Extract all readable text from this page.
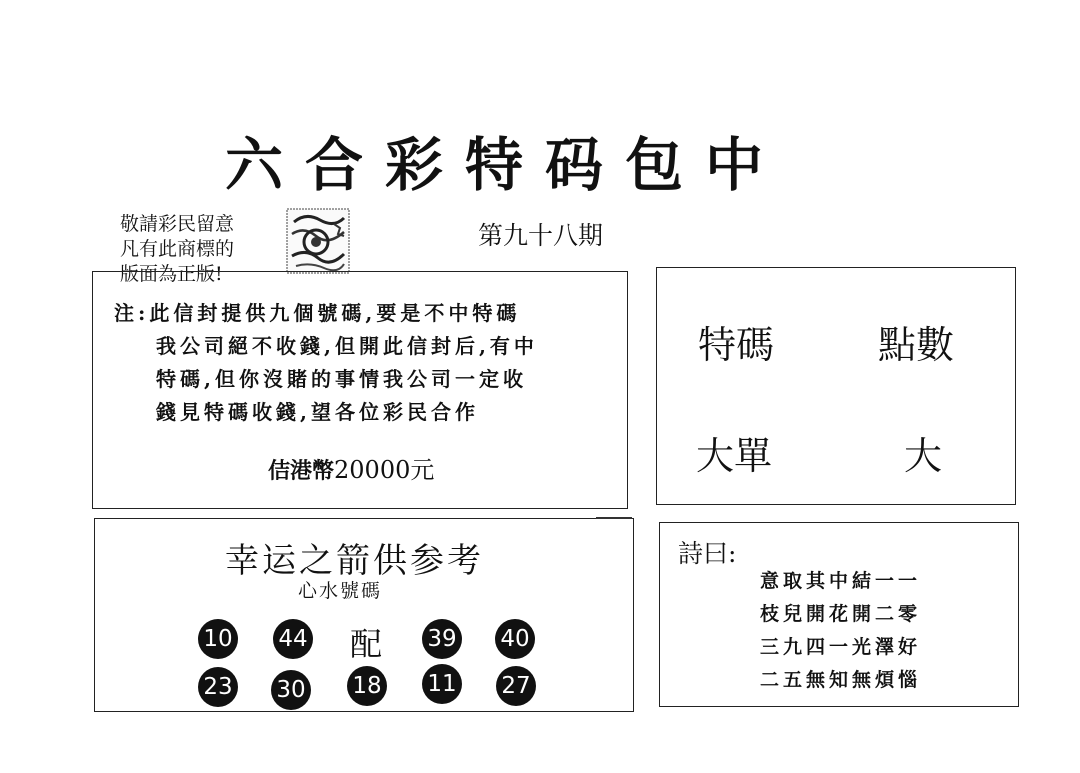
六合彩特码包中
敬請彩民留意
凡有此商標的
版面為正版!
第九十八期
注:此信封提供九個號碼,要是不中特碼
我公司絕不收錢,但開此信封后,有中
特碼,但你沒賭的事情我公司一定收
錢見特碼收錢,望各位彩民合作
佶港幣20000元
特碼	點數
大單	大
幸运之箭供参考
心水號碼
10 44 配 39 40
23 30 18 11 27
詩曰:
意取其中結一一
枝兒開花開二零
三九四一光澤好
二五無知無煩惱
